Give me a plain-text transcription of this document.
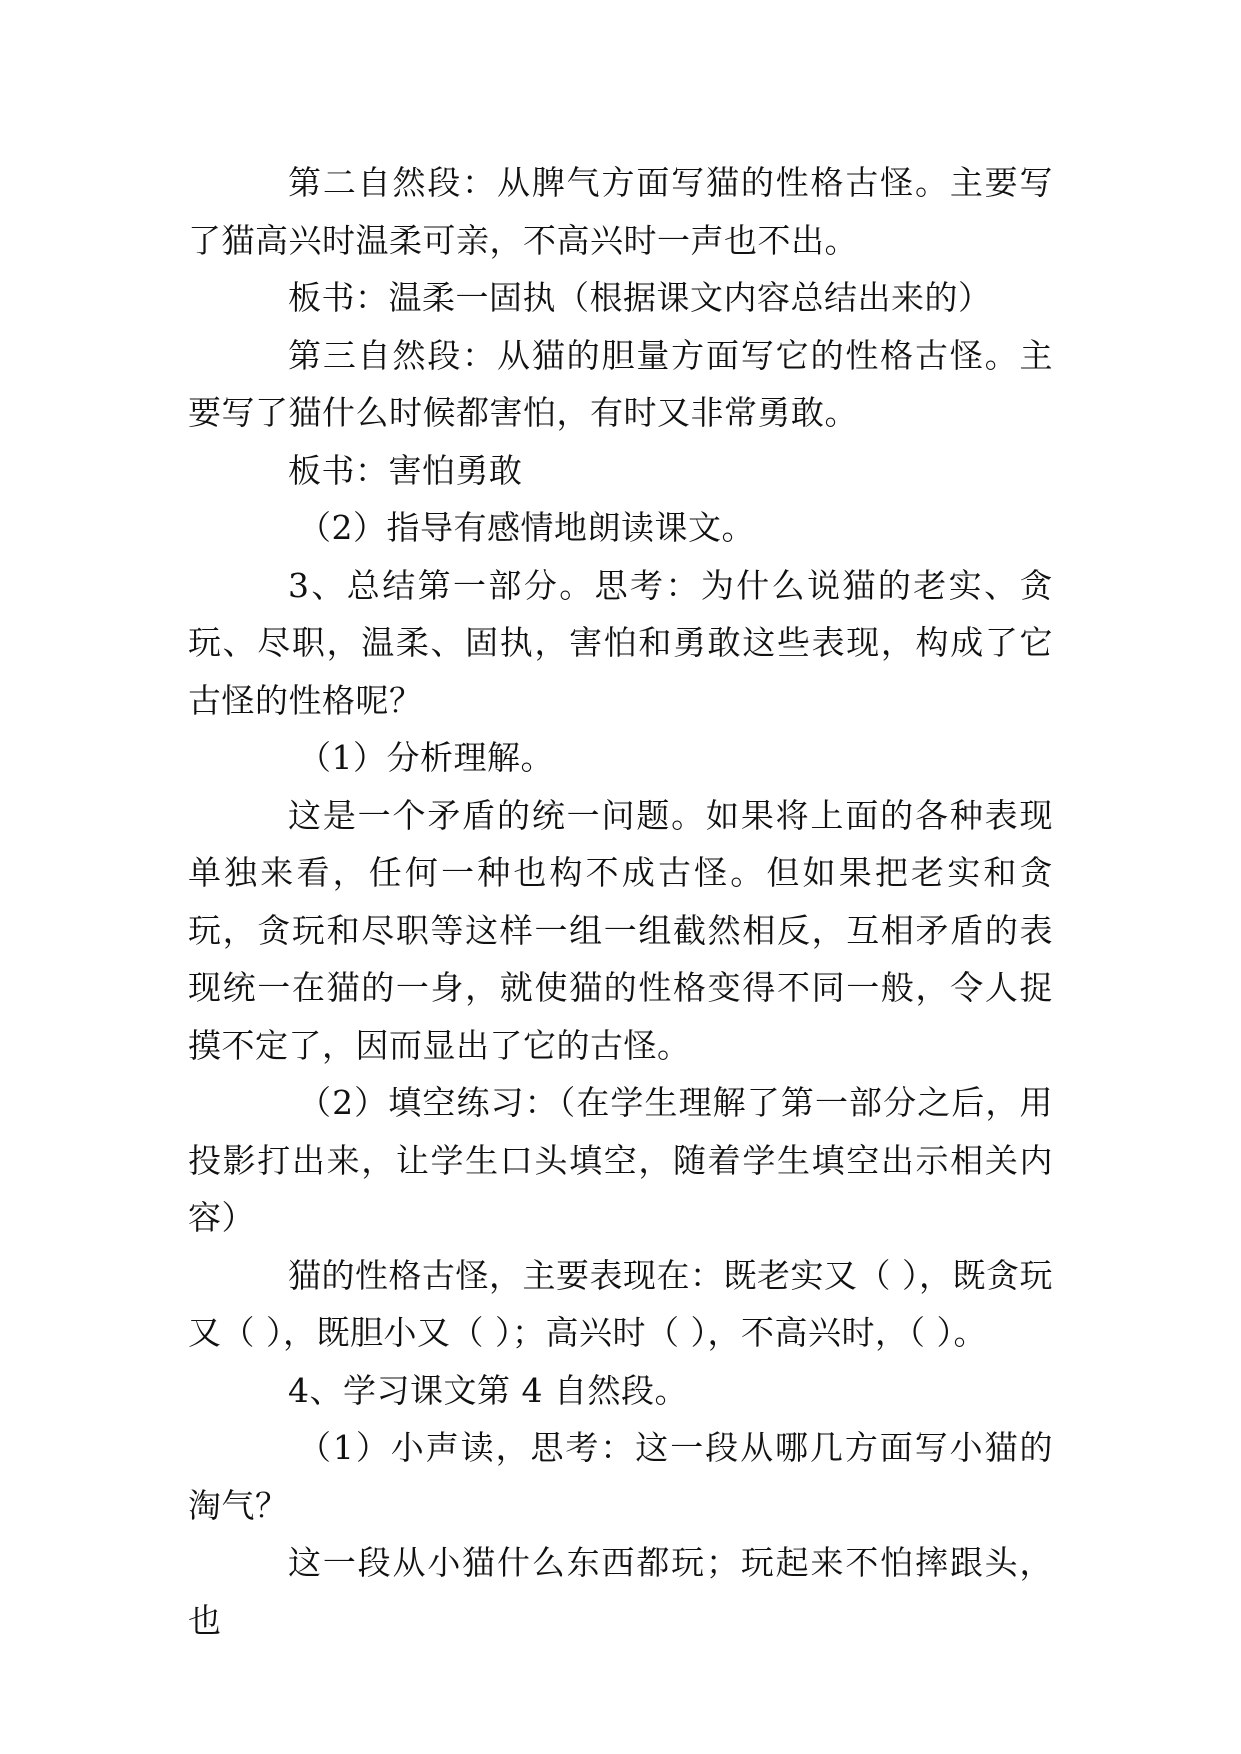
第二自然段：从脾气方面写猫的性格古怪。主要写了猫高兴时温柔可亲，不高兴时一声也不出。

板书：温柔一固执（根据课文内容总结出来的）

第三自然段：从猫的胆量方面写它的性格古怪。主要写了猫什么时候都害怕，有时又非常勇敢。

板书：害怕勇敢

（2）指导有感情地朗读课文。

3、总结第一部分。思考：为什么说猫的老实、贪玩、尽职，温柔、固执，害怕和勇敢这些表现，构成了它古怪的性格呢？

（1）分析理解。

这是一个矛盾的统一问题。如果将上面的各种表现单独来看，任何一种也构不成古怪。但如果把老实和贪玩，贪玩和尽职等这样一组一组截然相反，互相矛盾的表现统一在猫的一身，就使猫的性格变得不同一般，令人捉摸不定了，因而显出了它的古怪。

（2）填空练习：（在学生理解了第一部分之后，用投影打出来，让学生口头填空，随着学生填空出示相关内容）

猫的性格古怪，主要表现在：既老实又（ ），既贪玩又（ ），既胆小又（ ）；高兴时（ ），不高兴时，（ ）。

4、学习课文第 4 自然段。

（1）小声读，思考：这一段从哪几方面写小猫的淘气？

这一段从小猫什么东西都玩；玩起来不怕摔跟头，也
